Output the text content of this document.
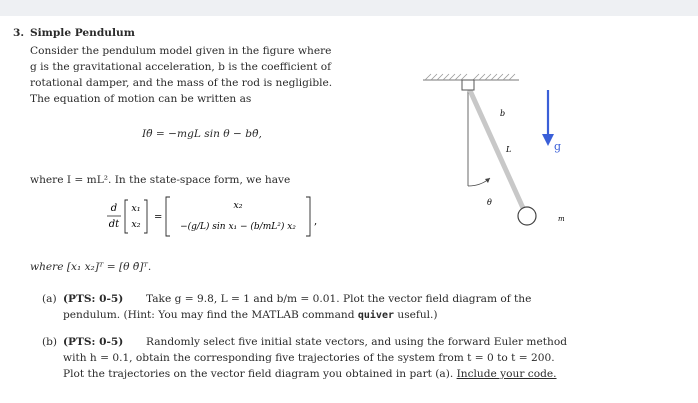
3. Simple Pendulum
Consider the pendulum model given in the figure where
g is the gravitational acceleration, b is the coefficient of
rotational damper, and the mass of the rod is negligible.
The equation of motion can be written as
Iθ̈ = −mgL sin θ − bθ̇,
where I = mL². In the state-space form, we have
d
dt
x₁
x₂
=
x₂
−(g/L) sin x₁ − (b/mL²) x₂ ,
where [x₁ x₂]ᵀ = [θ θ̇]ᵀ.
(a) (PTS: 0-5) Take g = 9.8, L = 1 and b/m = 0.01. Plot the vector field diagram of the
pendulum. (Hint: You may find the MATLAB command quiver useful.)
(b) (PTS: 0-5) Randomly select five initial state vectors, and using the forward Euler method
with h = 0.1, obtain the corresponding five trajectories of the system from t = 0 to t = 200.
Plot the trajectories on the vector field diagram you obtained in part (a). Include your code.
b
L
θ
m
g
